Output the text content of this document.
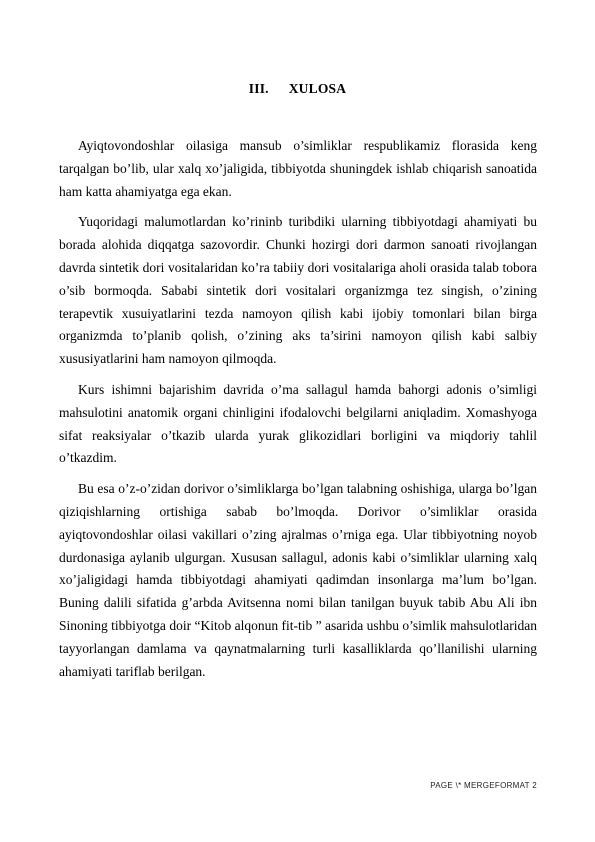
III. XULOSA

Ayiqtovondoshlar oilasiga mansub o’simliklar respublikamiz florasida keng tarqalgan bo’lib, ular xalq xo’jaligida, tibbiyotda shuningdek ishlab chiqarish sanoatida ham katta ahamiyatga ega ekan.

Yuqoridagi malumotlardan ko’rininb turibdiki ularning tibbiyotdagi ahamiyati bu borada alohida diqqatga sazovordir. Chunki hozirgi dori darmon sanoati rivojlangan davrda sintetik dori vositalaridan ko’ra tabiiy dori vositalariga aholi orasida talab tobora o’sib bormoqda. Sababi sintetik dori vositalari organizmga tez singish, o’zining terapevtik xusuiyatlarini tezda namoyon qilish kabi ijobiy tomonlari bilan birga organizmda to’planib qolish, o’zining aks ta’sirini namoyon qilish kabi salbiy xususiyatlarini ham namoyon qilmoqda.

Kurs ishimni bajarishim davrida o’ma sallagul hamda bahorgi adonis o’simligi mahsulotini anatomik organi chinligini ifodalovchi belgilarni aniqladim. Xomashyoga sifat reaksiyalar o’tkazib ularda yurak glikozidlari borligini va miqdoriy tahlil o’tkazdim.

Bu esa o’z-o’zidan dorivor o’simliklarga bo’lgan talabning oshishiga, ularga bo’lgan qiziqishlarning ortishiga sabab bo’lmoqda. Dorivor o’simliklar orasida ayiqtovondoshlar oilasi vakillari o’zing ajralmas o’rniga ega. Ular tibbiyotning noyob durdonasiga aylanib ulgurgan. Xususan sallagul, adonis kabi o’simliklar ularning xalq xo’jaligidagi hamda tibbiyotdagi ahamiyati qadimdan insonlarga ma’lum bo’lgan. Buning dalili sifatida g’arbda Avitsenna nomi bilan tanilgan buyuk tabib Abu Ali ibn Sinoning tibbiyotga doir “Kitob alqonun fit-tib ” asarida ushbu o’simlik mahsulotlaridan tayyorlangan damlama va qaynatmalarning turli kasalliklarda qo’llanilishi ularning ahamiyati tariflab berilgan.

PAGE \* MERGEFORMAT 2
